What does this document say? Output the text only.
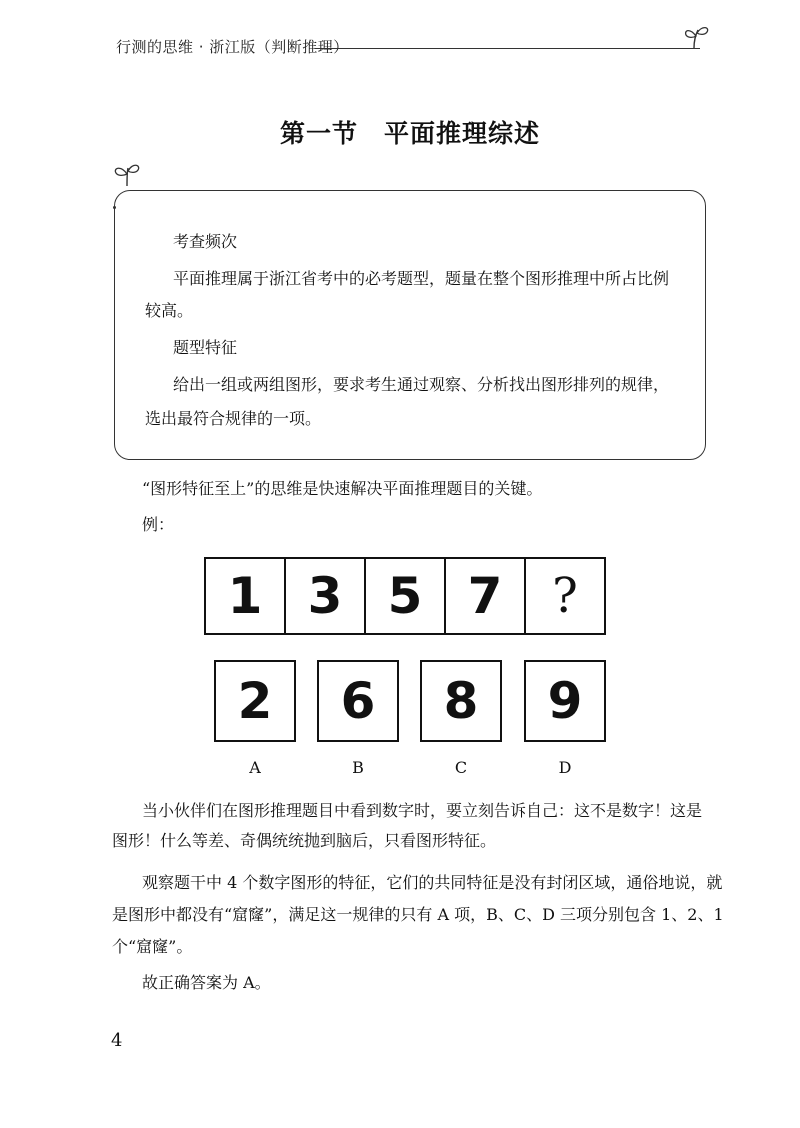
行测的思维 · 浙江版（判断推理）
第一节　平面推理综述
考查频次
平面推理属于浙江省考中的必考题型，题量在整个图形推理中所占比例
较高。
题型特征
给出一组或两组图形，要求考生通过观察、分析找出图形排列的规律，
选出最符合规律的一项。
“图形特征至上”的思维是快速解决平面推理题目的关键。
例：
1 3 5 7	?
2	6	8	9
A	B	C	D
当小伙伴们在图形推理题目中看到数字时，要立刻告诉自己：这不是数字！这是
图形！什么等差、奇偶统统抛到脑后，只看图形特征。
观察题干中 4 个数字图形的特征，它们的共同特征是没有封闭区域，通俗地说，就
是图形中都没有“窟窿”，满足这一规律的只有 A 项，B、C、D 三项分别包含 1、2、1
个“窟窿”。
故正确答案为 A。
4
